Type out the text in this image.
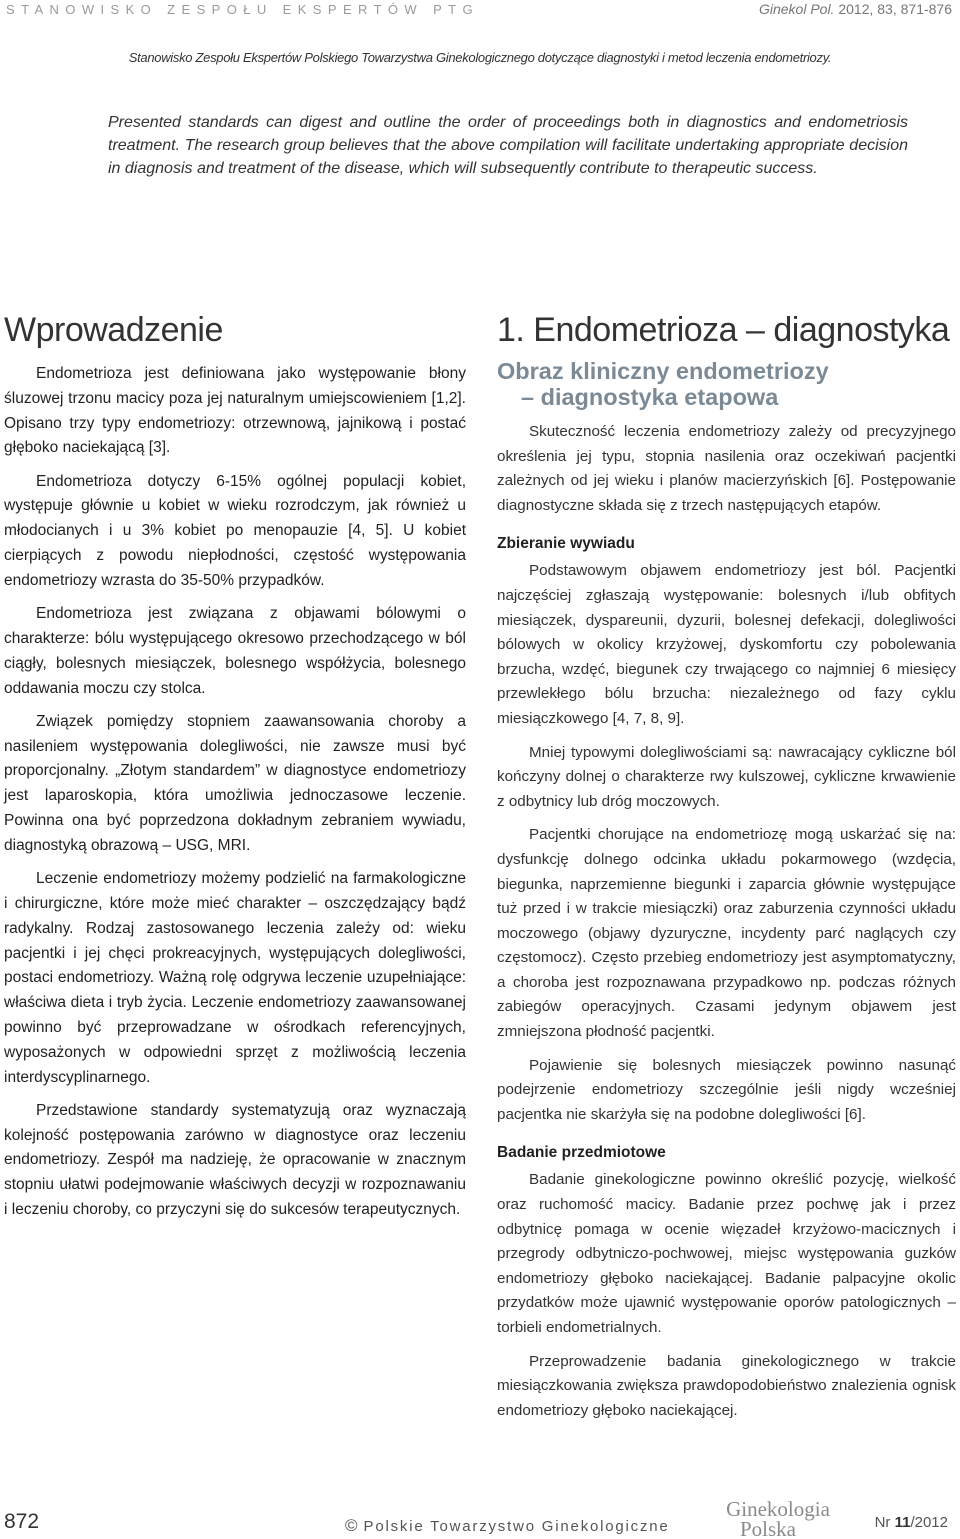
STANOWISKO ZESPOŁU EKSPERTÓW PTG	Ginekol Pol. 2012, 83, 871-876
Stanowisko Zespołu Ekspertów Polskiego Towarzystwa Ginekologicznego dotyczące diagnostyki i metod leczenia endometriozy.
Presented standards can digest and outline the order of proceedings both in diagnostics and endometriosis treatment. The research group believes that the above compilation will facilitate undertaking appropriate decision in diagnosis and treatment of the disease, which will subsequently contribute to therapeutic success.
Wprowadzenie

Endometrioza jest definiowana jako występowanie błony śluzowej trzonu macicy poza jej naturalnym umiejscowieniem [1,2]. Opisano trzy typy endometriozy: otrzewnową, jajnikową i postać głęboko naciekającą [3].

Endometrioza dotyczy 6-15% ogólnej populacji kobiet, występuje głównie u kobiet w wieku rozrodczym, jak również u młodocianych i u 3% kobiet po menopauzie [4, 5]. U kobiet cierpiących z powodu niepłodności, częstość występowania endometriozy wzrasta do 35-50% przypadków.

Endometrioza jest związana z objawami bólowymi o charakterze: bólu występującego okresowo przechodzącego w ból ciągły, bolesnych miesiączek, bolesnego współżycia, bolesnego oddawania moczu czy stolca.

Związek pomiędzy stopniem zaawansowania choroby a nasileniem występowania dolegliwości, nie zawsze musi być proporcjonalny. „Złotym standardem” w diagnostyce endometriozy jest laparoskopia, która umożliwia jednoczasowe leczenie. Powinna ona być poprzedzona dokładnym zebraniem wywiadu, diagnostyką obrazową – USG, MRI.

Leczenie endometriozy możemy podzielić na farmakologiczne i chirurgiczne, które może mieć charakter – oszczędzający bądź radykalny. Rodzaj zastosowanego leczenia zależy od: wieku pacjentki i jej chęci prokreacyjnych, występujących dolegliwości, postaci endometriozy. Ważną rolę odgrywa leczenie uzupełniające: właściwa dieta i tryb życia. Leczenie endometriozy zaawansowanej powinno być przeprowadzane w ośrodkach referencyjnych, wyposażonych w odpowiedni sprzęt z możliwością leczenia interdyscyplinarnego.

Przedstawione standardy systematyzują oraz wyznaczają kolejność postępowania zarówno w diagnostyce oraz leczeniu endometriozy. Zespół ma nadzieję, że opracowanie w znacznym stopniu ułatwi podejmowanie właściwych decyzji w rozpoznawaniu i leczeniu choroby, co przyczyni się do sukcesów terapeutycznych.

1. Endometrioza – diagnostyka
Obraz kliniczny endometriozy
– diagnostyka etapowa

Skuteczność leczenia endometriozy zależy od precyzyjnego określenia jej typu, stopnia nasilenia oraz oczekiwań pacjentki zależnych od jej wieku i planów macierzyńskich [6]. Postępowanie diagnostyczne składa się z trzech następujących etapów.

Zbieranie wywiadu

Podstawowym objawem endometriozy jest ból. Pacjentki najczęściej zgłaszają występowanie: bolesnych i/lub obfitych miesiączek, dyspareunii, dyzurii, bolesnej defekacji, dolegliwości bólowych w okolicy krzyżowej, dyskomfortu czy pobolewania brzucha, wzdęć, biegunek czy trwającego co najmniej 6 miesięcy przewlekłego bólu brzucha: niezależnego od fazy cyklu miesiączkowego [4, 7, 8, 9].

Mniej typowymi dolegliwościami są: nawracający cykliczne ból kończyny dolnej o charakterze rwy kulszowej, cykliczne krwawienie z odbytnicy lub dróg moczowych.

Pacjentki chorujące na endometriozę mogą uskarżać się na: dysfunkcję dolnego odcinka układu pokarmowego (wzdęcia, biegunka, naprzemienne biegunki i zaparcia głównie występujące tuż przed i w trakcie miesiączki) oraz zaburzenia czynności układu moczowego (objawy dyzuryczne, incydenty parć naglących czy częstomocz). Często przebieg endometriozy jest asymptomatyczny, a choroba jest rozpoznawana przypadkowo np. podczas różnych zabiegów operacyjnych. Czasami jedynym objawem jest zmniejszona płodność pacjentki.

Pojawienie się bolesnych miesiączek powinno nasunąć podejrzenie endometriozy szczególnie jeśli nigdy wcześniej pacjentka nie skarżyła się na podobne dolegliwości [6].

Badanie przedmiotowe

Badanie ginekologiczne powinno określić pozycję, wielkość oraz ruchomość macicy. Badanie przez pochwę jak i przez odbytnicę pomaga w ocenie więzadeł krzyżowo-macicznych i przegrody odbytniczo-pochwowej, miejsc występowania guzków endometriozy głęboko naciekającej. Badanie palpacyjne okolic przydatków może ujawnić występowanie oporów patologicznych – torbieli endometrialnych.

Przeprowadzenie badania ginekologicznego w trakcie miesiączkowania zwiększa prawdopodobieństwo znalezienia ognisk endometriozy głęboko naciekającej.

872	© Polskie Towarzystwo Ginekologiczne
Ginekologia
Polska	Nr 11/2012
